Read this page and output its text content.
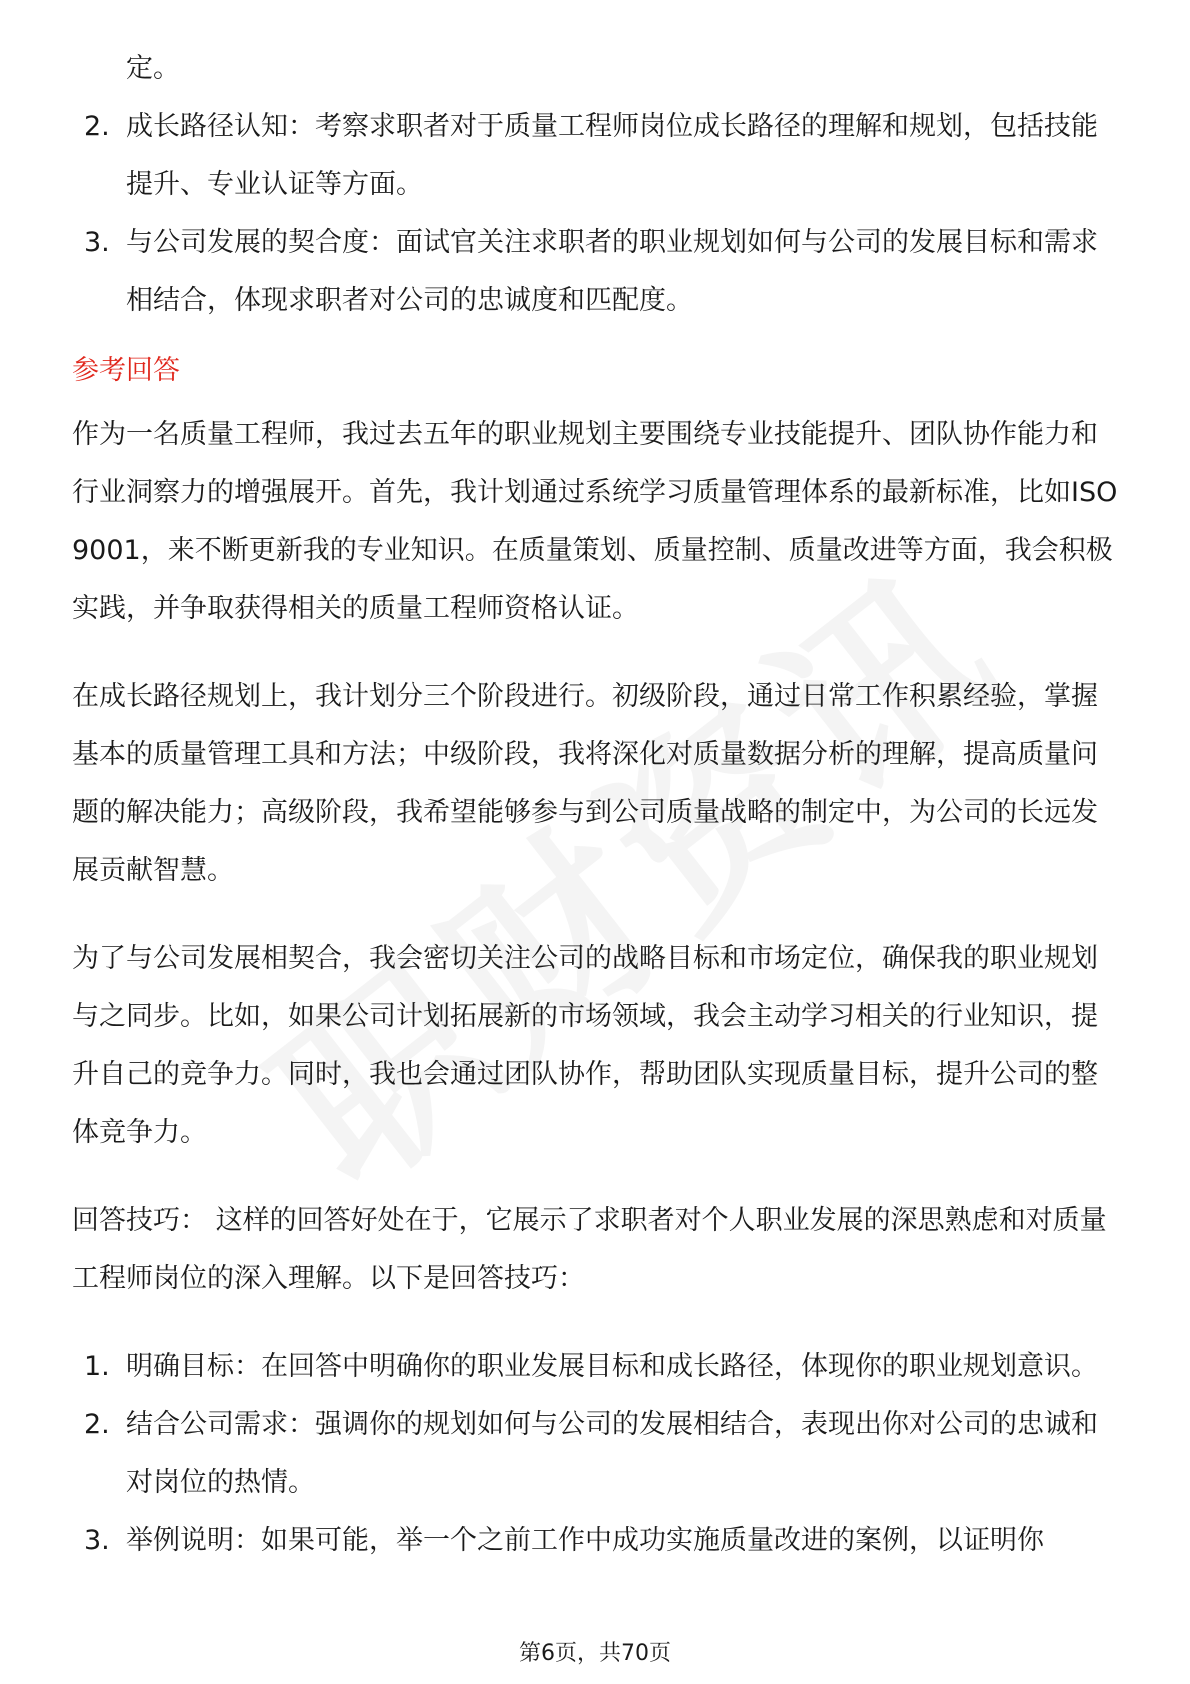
定。
2. 成长路径认知：考察求职者对于质量工程师岗位成长路径的理解和规划，包括技能提升、专业认证等方面。
3. 与公司发展的契合度：面试官关注求职者的职业规划如何与公司的发展目标和需求相结合，体现求职者对公司的忠诚度和匹配度。
参考回答

作为一名质量工程师，我过去五年的职业规划主要围绕专业技能提升、团队协作能力和行业洞察力的增强展开。首先，我计划通过系统学习质量管理体系的最新标准，比如ISO 9001，来不断更新我的专业知识。在质量策划、质量控制、质量改进等方面，我会积极实践，并争取获得相关的质量工程师资格认证。

在成长路径规划上，我计划分三个阶段进行。初级阶段，通过日常工作积累经验，掌握基本的质量管理工具和方法；中级阶段，我将深化对质量数据分析的理解，提高质量问题的解决能力；高级阶段，我希望能够参与到公司质量战略的制定中，为公司的长远发展贡献智慧。

为了与公司发展相契合，我会密切关注公司的战略目标和市场定位，确保我的职业规划与之同步。比如，如果公司计划拓展新的市场领域，我会主动学习相关的行业知识，提升自己的竞争力。同时，我也会通过团队协作，帮助团队实现质量目标，提升公司的整体竞争力。

回答技巧： 这样的回答好处在于，它展示了求职者对个人职业发展的深思熟虑和对质量工程师岗位的深入理解。以下是回答技巧：

1. 明确目标：在回答中明确你的职业发展目标和成长路径，体现你的职业规划意识。
2. 结合公司需求：强调你的规划如何与公司的发展相结合，表现出你对公司的忠诚和对岗位的热情。
3. 举例说明：如果可能，举一个之前工作中成功实施质量改进的案例，以证明你
第6页，共70页
